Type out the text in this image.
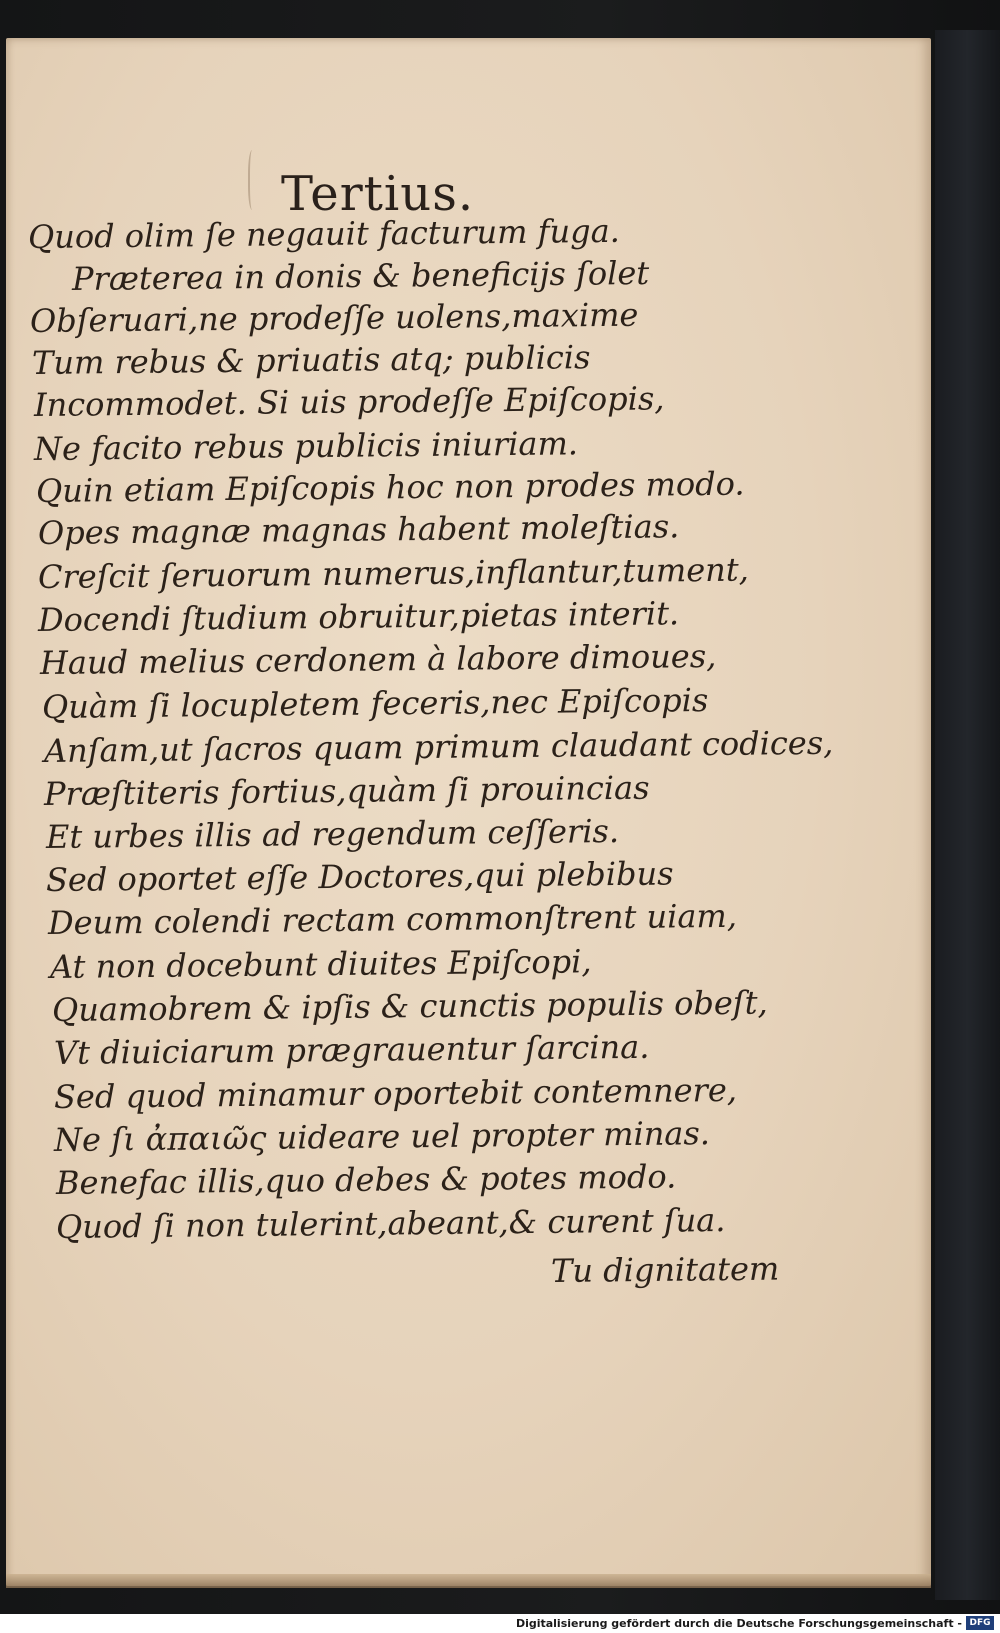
Tertius.
Quod olim ſe negauit facturum fuga.
Præterea in donis & beneficijs ſolet
Obſeruari,ne prodeſſe uolens,maxime
Tum rebus & priuatis atq; publicis
Incommodet. Si uis prodeſſe Epiſcopis,
Ne facito rebus publicis iniuriam.
Quin etiam Epiſcopis hoc non prodes modo.
Opes magnæ magnas habent moleſtias.
Creſcit ſeruorum numerus,inflantur,tument,
Docendi ſtudium obruitur,pietas interit.
Haud melius cerdonem à labore dimoues,
Quàm ſi locupletem feceris,nec Epiſcopis
Anſam,ut ſacros quam primum claudant codices,
Præſtiteris fortius,quàm ſi prouincias
Et urbes illis ad regendum ceſſeris.
Sed oportet eſſe Doctores,qui plebibus
Deum colendi rectam commonſtrent uiam,
At non docebunt diuites Epiſcopi,
Quamobrem & ipſis & cunctis populis obeſt,
Vt diuiciarum prægrauentur ſarcina.
Sed quod minamur oportebit contemnere,
Ne ſι ἀπαιῶς uideare uel propter minas.
Benefac illis,quo debes & potes modo.
Quod ſi non tulerint,abeant,& curent ſua.
Tu dignitatem
Digitalisierung gefördert durch die Deutsche Forschungsgemeinschaft - DFG
